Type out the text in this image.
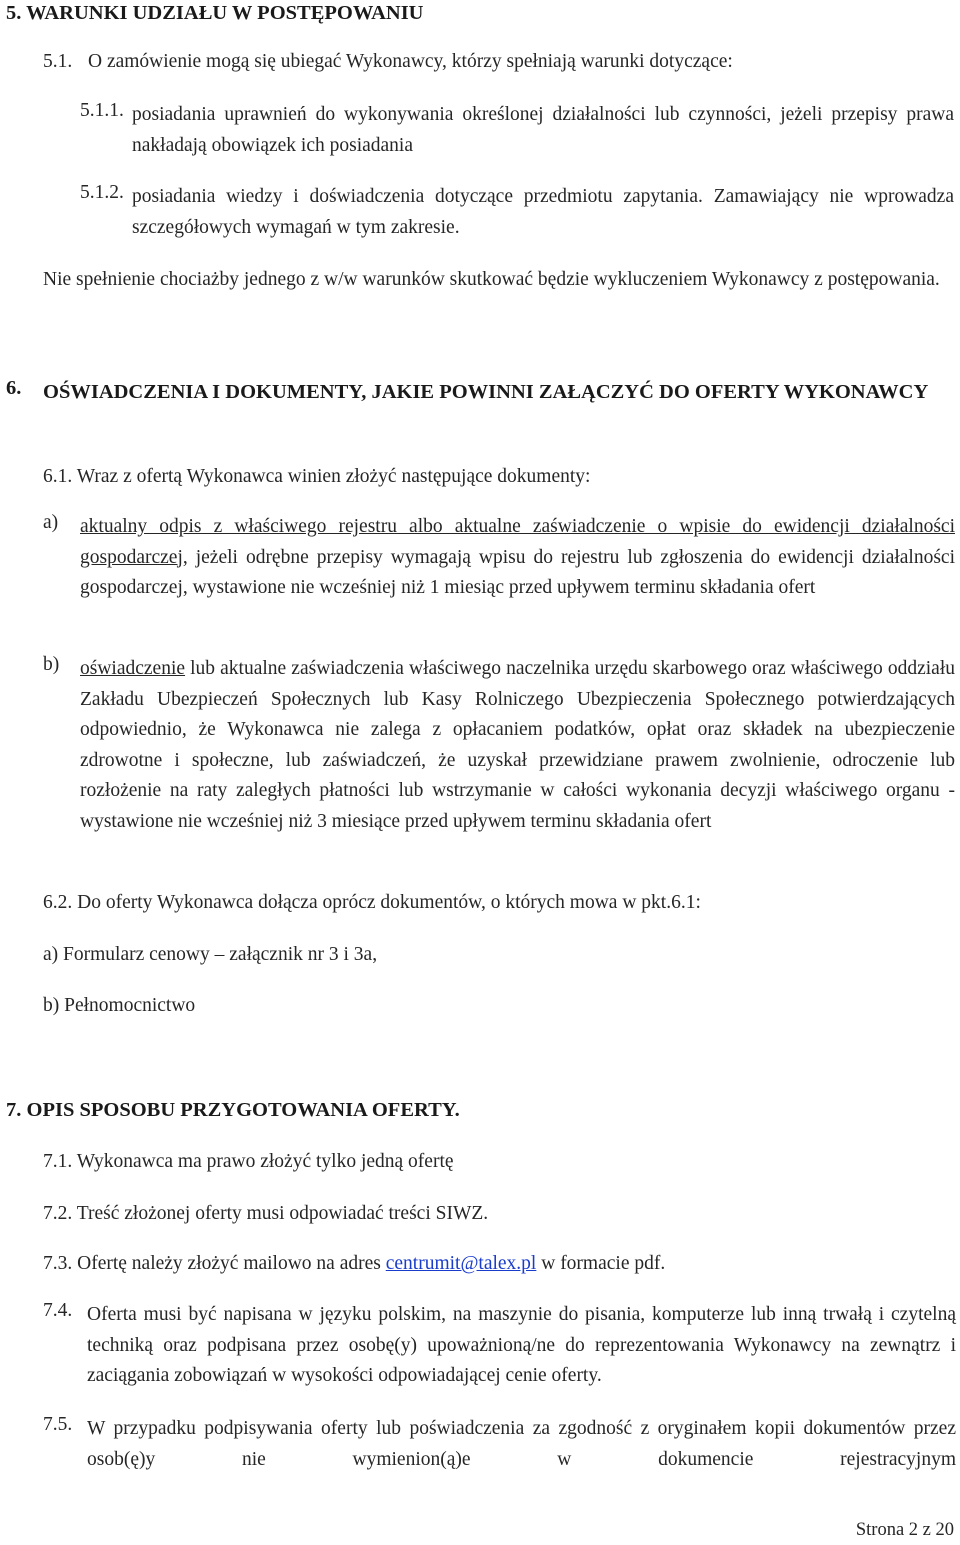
5. WARUNKI UDZIAŁU W POSTĘPOWANIU
5.1. O zamówienie mogą się ubiegać Wykonawcy, którzy spełniają warunki dotyczące:
5.1.1. posiadania uprawnień do wykonywania określonej działalności lub czynności, jeżeli przepisy prawa nakładają obowiązek ich posiadania
5.1.2. posiadania wiedzy i doświadczenia dotyczące przedmiotu zapytania. Zamawiający nie wprowadza szczegółowych wymagań w tym zakresie.
Nie spełnienie chociażby jednego z w/w warunków skutkować będzie wykluczeniem Wykonawcy z postępowania.
6. OŚWIADCZENIA I DOKUMENTY, JAKIE POWINNI ZAŁĄCZYĆ DO OFERTY WYKONAWCY
6.1. Wraz z ofertą Wykonawca winien złożyć następujące dokumenty:
a) aktualny odpis z właściwego rejestru albo aktualne zaświadczenie o wpisie do ewidencji działalności gospodarczej, jeżeli odrębne przepisy wymagają wpisu do rejestru lub zgłoszenia do ewidencji działalności gospodarczej, wystawione nie wcześniej niż 1 miesiąc przed upływem terminu składania ofert
b) oświadczenie lub aktualne zaświadczenia właściwego naczelnika urzędu skarbowego oraz właściwego oddziału Zakładu Ubezpieczeń Społecznych lub Kasy Rolniczego Ubezpieczenia Społecznego potwierdzających odpowiednio, że Wykonawca nie zalega z opłacaniem podatków, opłat oraz składek na ubezpieczenie zdrowotne i społeczne, lub zaświadczeń, że uzyskał przewidziane prawem zwolnienie, odroczenie lub rozłożenie na raty zaległych płatności lub wstrzymanie w całości wykonania decyzji właściwego organu - wystawione nie wcześniej niż 3 miesiące przed upływem terminu składania ofert
6.2. Do oferty Wykonawca dołącza oprócz dokumentów, o których mowa w pkt.6.1:
a) Formularz cenowy – załącznik nr 3 i 3a,
b) Pełnomocnictwo
7. OPIS SPOSOBU PRZYGOTOWANIA OFERTY.
7.1. Wykonawca ma prawo złożyć tylko jedną ofertę
7.2. Treść złożonej oferty musi odpowiadać treści SIWZ.
7.3. Ofertę należy złożyć mailowo na adres centrumit@talex.pl w formacie pdf.
7.4. Oferta musi być napisana w języku polskim, na maszynie do pisania, komputerze lub inną trwałą i czytelną techniką oraz podpisana przez osobę(y) upoważnioną/ne do reprezentowania Wykonawcy na zewnątrz i zaciągania zobowiązań w wysokości odpowiadającej cenie oferty.
7.5. W przypadku podpisywania oferty lub poświadczenia za zgodność z oryginałem kopii dokumentów przez osob(ę)y nie wymienion(ą)e w dokumencie rejestracyjnym
Strona 2 z 20
